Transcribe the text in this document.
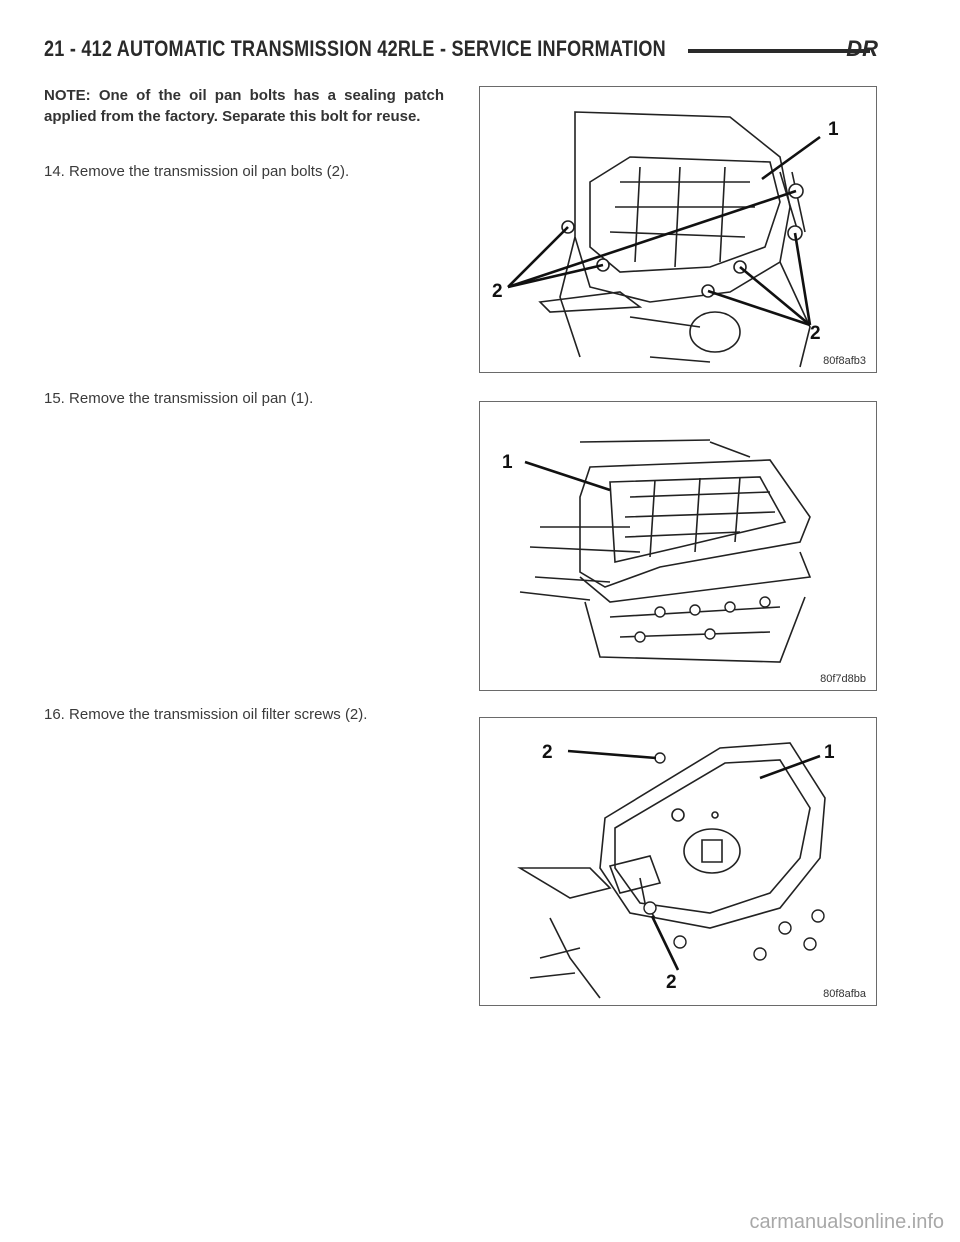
21 - 412 AUTOMATIC TRANSMISSION 42RLE - SERVICE INFORMATION	DR
NOTE: One of the oil pan bolts has a sealing patch applied from the factory. Separate this bolt for reuse.
14. Remove the transmission oil pan bolts (2).
15. Remove the transmission oil pan (1).
16. Remove the transmission oil filter screws (2).
1
2
2
80f8afb3
1
80f7d8bb
2	1
2
80f8afba
carmanualsonline.info
